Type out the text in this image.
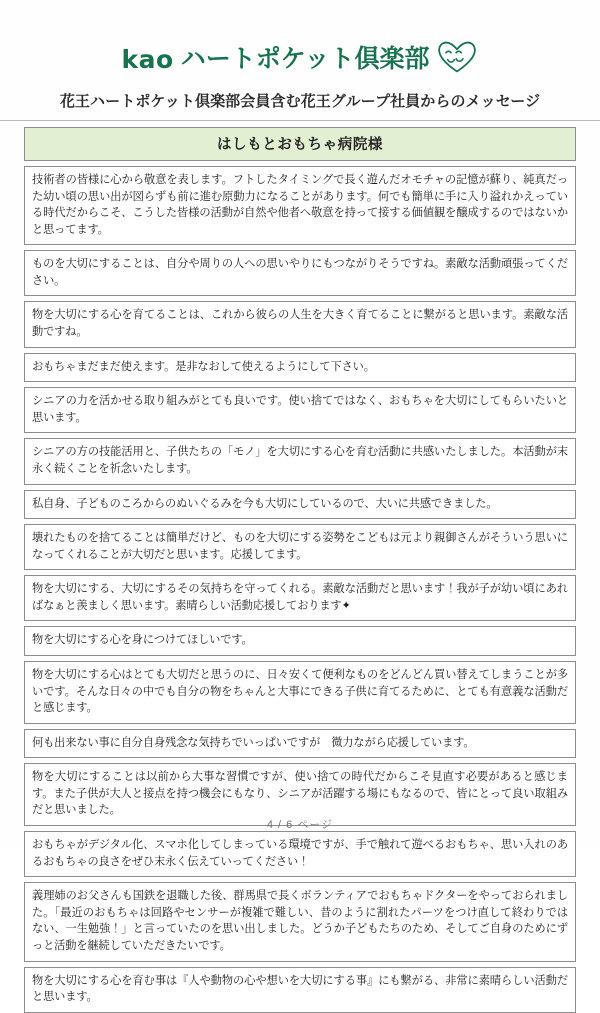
kao ハートポケット倶楽部
花王ハートポケット倶楽部会員含む花王グループ社員からのメッセージ
はしもとおもちゃ病院様

技術者の皆様に心から敬意を表します。フトしたタイミングで長く遊んだオモチャの記憶が蘇り、純真だった幼い頃の思い出が図らずも前に進む原動力になることがあります。何でも簡単に手に入り溢れかえっている時代だからこそ、こうした皆様の活動が自然や他者へ敬意を持って接する価値観を醸成するのではないかと思ってます。

ものを大切にすることは、自分や周りの人への思いやりにもつながりそうですね。素敵な活動頑張ってください。

物を大切にする心を育てることは、これから彼らの人生を大きく育てることに繋がると思います。素敵な活動ですね。

おもちゃまだまだ使えます。是非なおして使えるようにして下さい。

シニアの力を活かせる取り組みがとても良いです。使い捨てではなく、おもちゃを大切にしてもらいたいと思います。

シニアの方の技能活用と、子供たちの「モノ」を大切にする心を育む活動に共感いたしました。本活動が末永く続くことを祈念いたします。

私自身、子どものころからのぬいぐるみを今も大切にしているので、大いに共感できました。

壊れたものを捨てることは簡単だけど、ものを大切にする姿勢をこどもは元より親御さんがそういう思いになってくれることが大切だと思います。応援してます。

物を大切にする、大切にするその気持ちを守ってくれる。素敵な活動だと思います！我が子が幼い頃にあればなぁと羨ましく思います。素晴らしい活動応援しております✦

物を大切にする心を身につけてほしいです。

物を大切にする心はとても大切だと思うのに、日々安くて便利なものをどんどん買い替えてしまうことが多いです。そんな日々の中でも自分の物をちゃんと大事にできる子供に育てるために、とても有意義な活動だと感じます。

何も出来ない事に自分自身残念な気持ちでいっぱいですが　微力ながら応援しています。

物を大切にすることは以前から大事な習慣ですが、使い捨ての時代だからこそ見直す必要があると感じます。また子供が大人と接点を持つ機会にもなり、シニアが活躍する場にもなるので、皆にとって良い取組みだと思いました。

おもちゃがデジタル化、スマホ化してしまっている環境ですが、手で触れて遊べるおもちゃ、思い入れのあるおもちゃの良さをぜひ末永く伝えていってください！

義理姉のお父さんも国鉄を退職した後、群馬県で長くボランティアでおもちゃドクターをやっておられました。「最近のおもちゃは回路やセンサーが複雑で難しい、昔のように割れたパーツをつけ直して終わりではない、一生勉強！」と言っていたのを思い出しました。どうか子どもたちのため、そしてご自身のためにずっと活動を継続していただきたいです。

物を大切にする心を育む事は『人や動物の心や想いを大切にする事』にも繋がる、非常に素晴らしい活動だと思います。
4 / 6 ページ
